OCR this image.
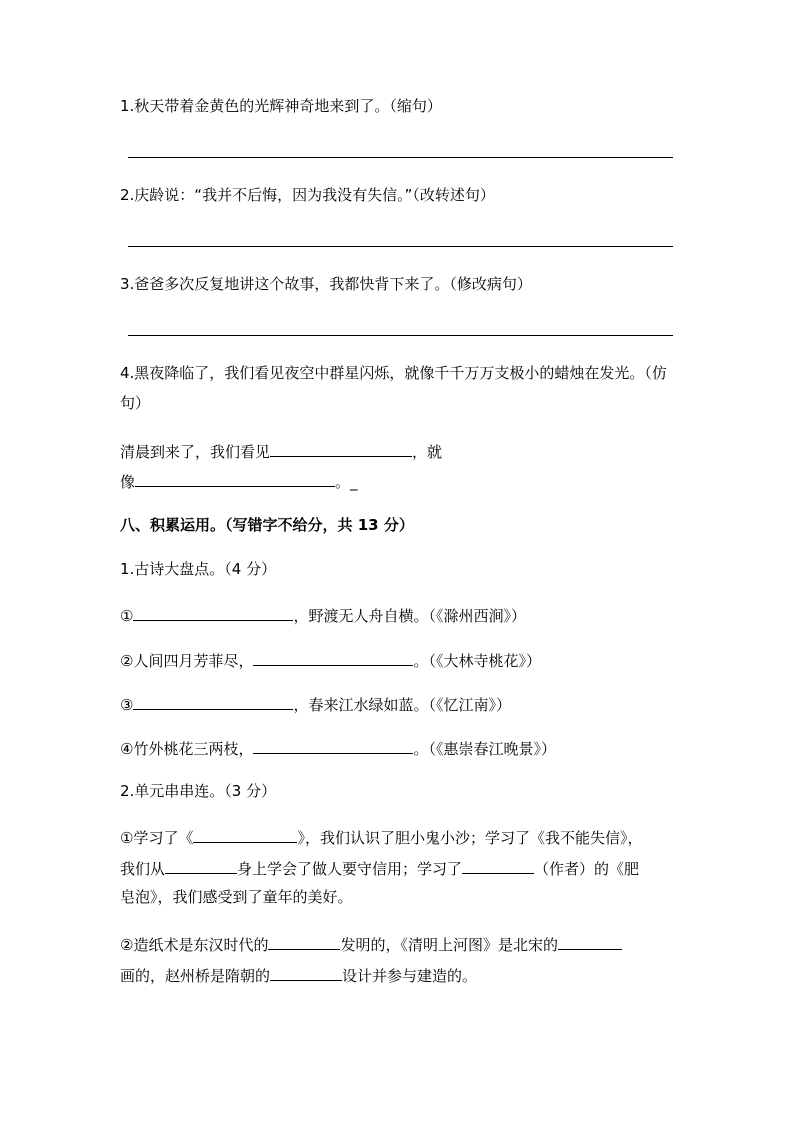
1.秋天带着金黄色的光辉神奇地来到了。（缩句）
2.庆龄说：“我并不后悔，因为我没有失信。”（改转述句）
3.爸爸多次反复地讲这个故事，我都快背下来了。（修改病句）
4.黑夜降临了，我们看见夜空中群星闪烁，就像千千万万支极小的蜡烛在发光。（仿
句）
清晨到来了，我们看见	，就
像	。_
八、积累运用。（写错字不给分，共 13 分）
1.古诗大盘点。（4 分）
①	，野渡无人舟自横。（《滁州西涧》）
②人间四月芳菲尽，	。（《大林寺桃花》）
③	，春来江水绿如蓝。（《忆江南》）
④竹外桃花三两枝，	。（《惠崇春江晚景》）
2.单元串串连。（3 分）
①学习了《	》，我们认识了胆小鬼小沙；学习了《我不能失信》，
我们从	身上学会了做人要守信用；学习了	（作者）的《肥
皂泡》，我们感受到了童年的美好。
②造纸术是东汉时代的	发明的，《清明上河图》是北宋的
画的，赵州桥是隋朝的	设计并参与建造的。
